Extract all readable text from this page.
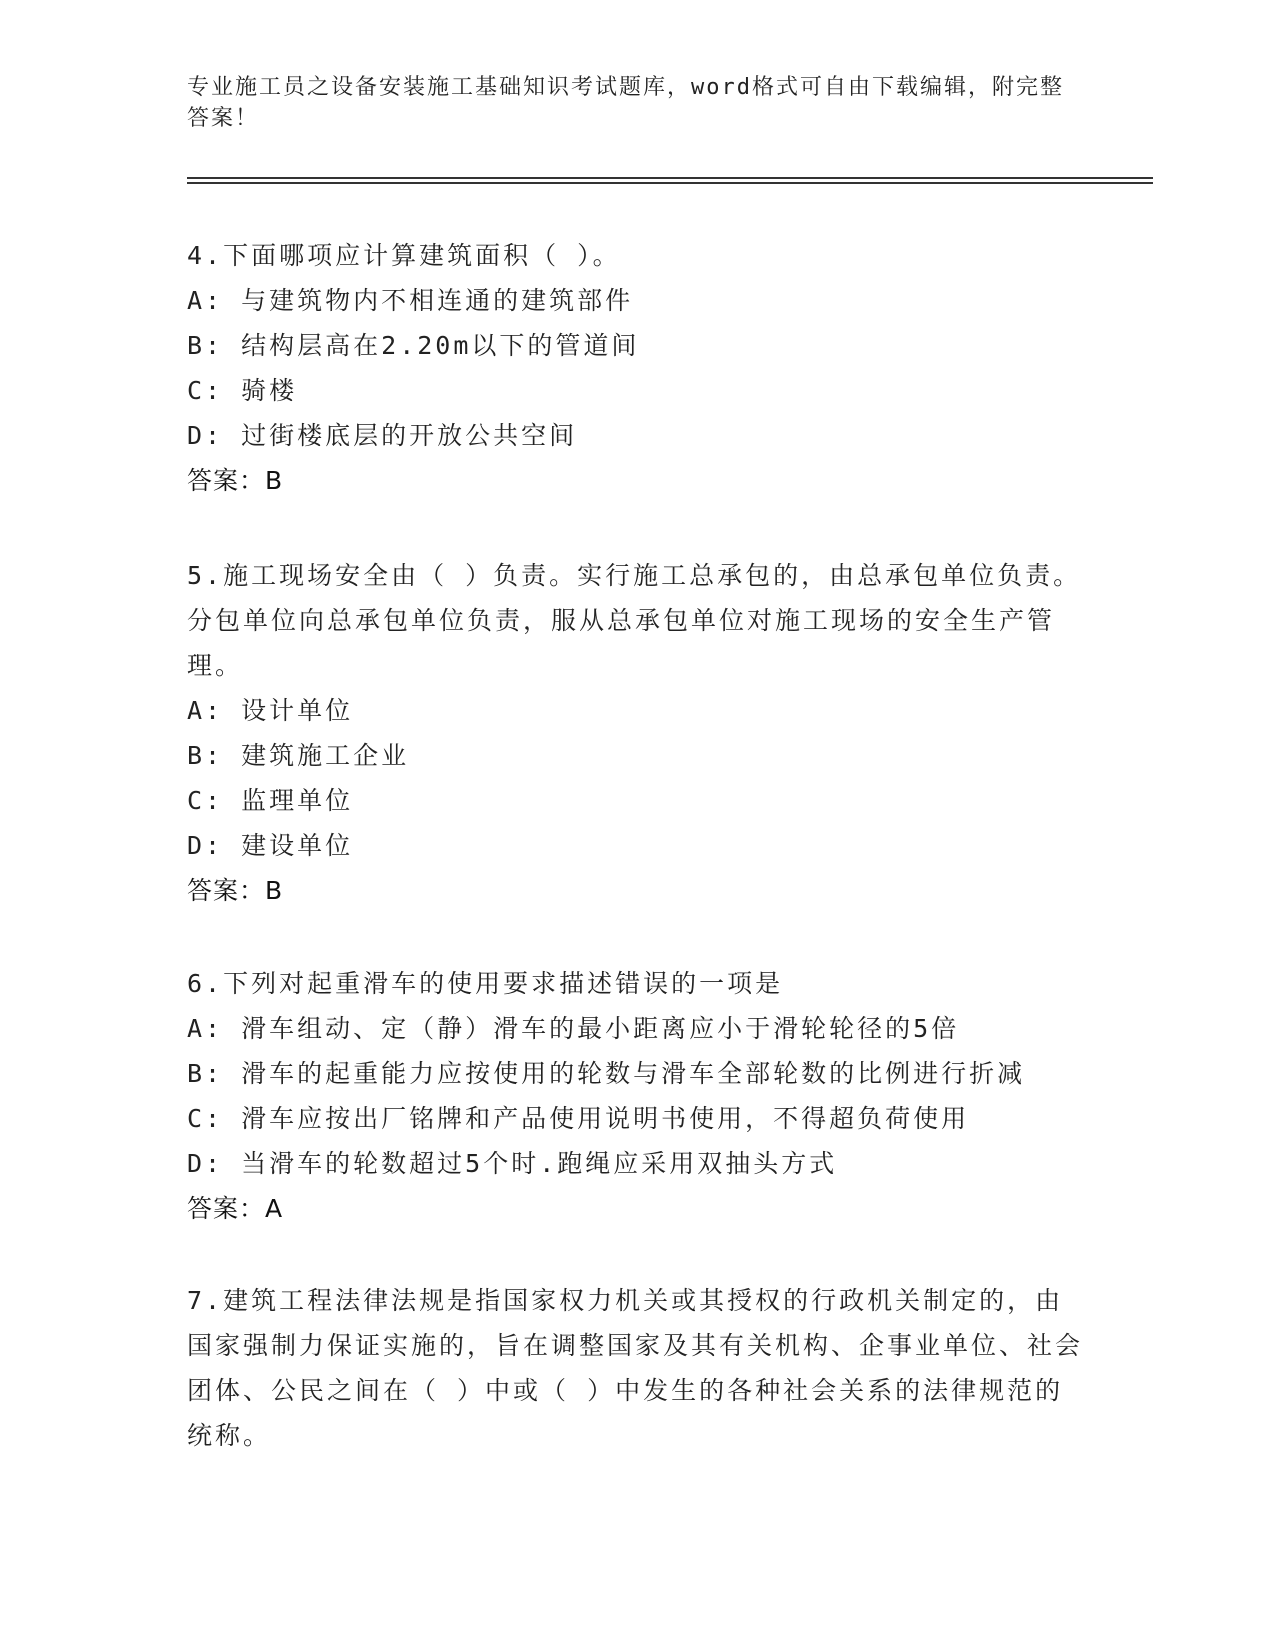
专业施工员之设备安装施工基础知识考试题库，word格式可自由下载编辑，附完整答案！

4.下面哪项应计算建筑面积（ ）。

A: 与建筑物内不相连通的建筑部件

B: 结构层高在2.20m以下的管道间

C: 骑楼

D: 过街楼底层的开放公共空间

答案：B

5.施工现场安全由（ ）负责。实行施工总承包的，由总承包单位负责。分包单位向总承包单位负责，服从总承包单位对施工现场的安全生产管理。

A: 设计单位

B: 建筑施工企业

C: 监理单位

D: 建设单位

答案：B

6.下列对起重滑车的使用要求描述错误的一项是

A: 滑车组动、定（静）滑车的最小距离应小于滑轮轮径的5倍

B: 滑车的起重能力应按使用的轮数与滑车全部轮数的比例进行折减

C: 滑车应按出厂铭牌和产品使用说明书使用，不得超负荷使用

D: 当滑车的轮数超过5个时.跑绳应采用双抽头方式

答案：A

7.建筑工程法律法规是指国家权力机关或其授权的行政机关制定的，由国家强制力保证实施的，旨在调整国家及其有关机构、企事业单位、社会团体、公民之间在（ ）中或（ ）中发生的各种社会关系的法律规范的统称。
